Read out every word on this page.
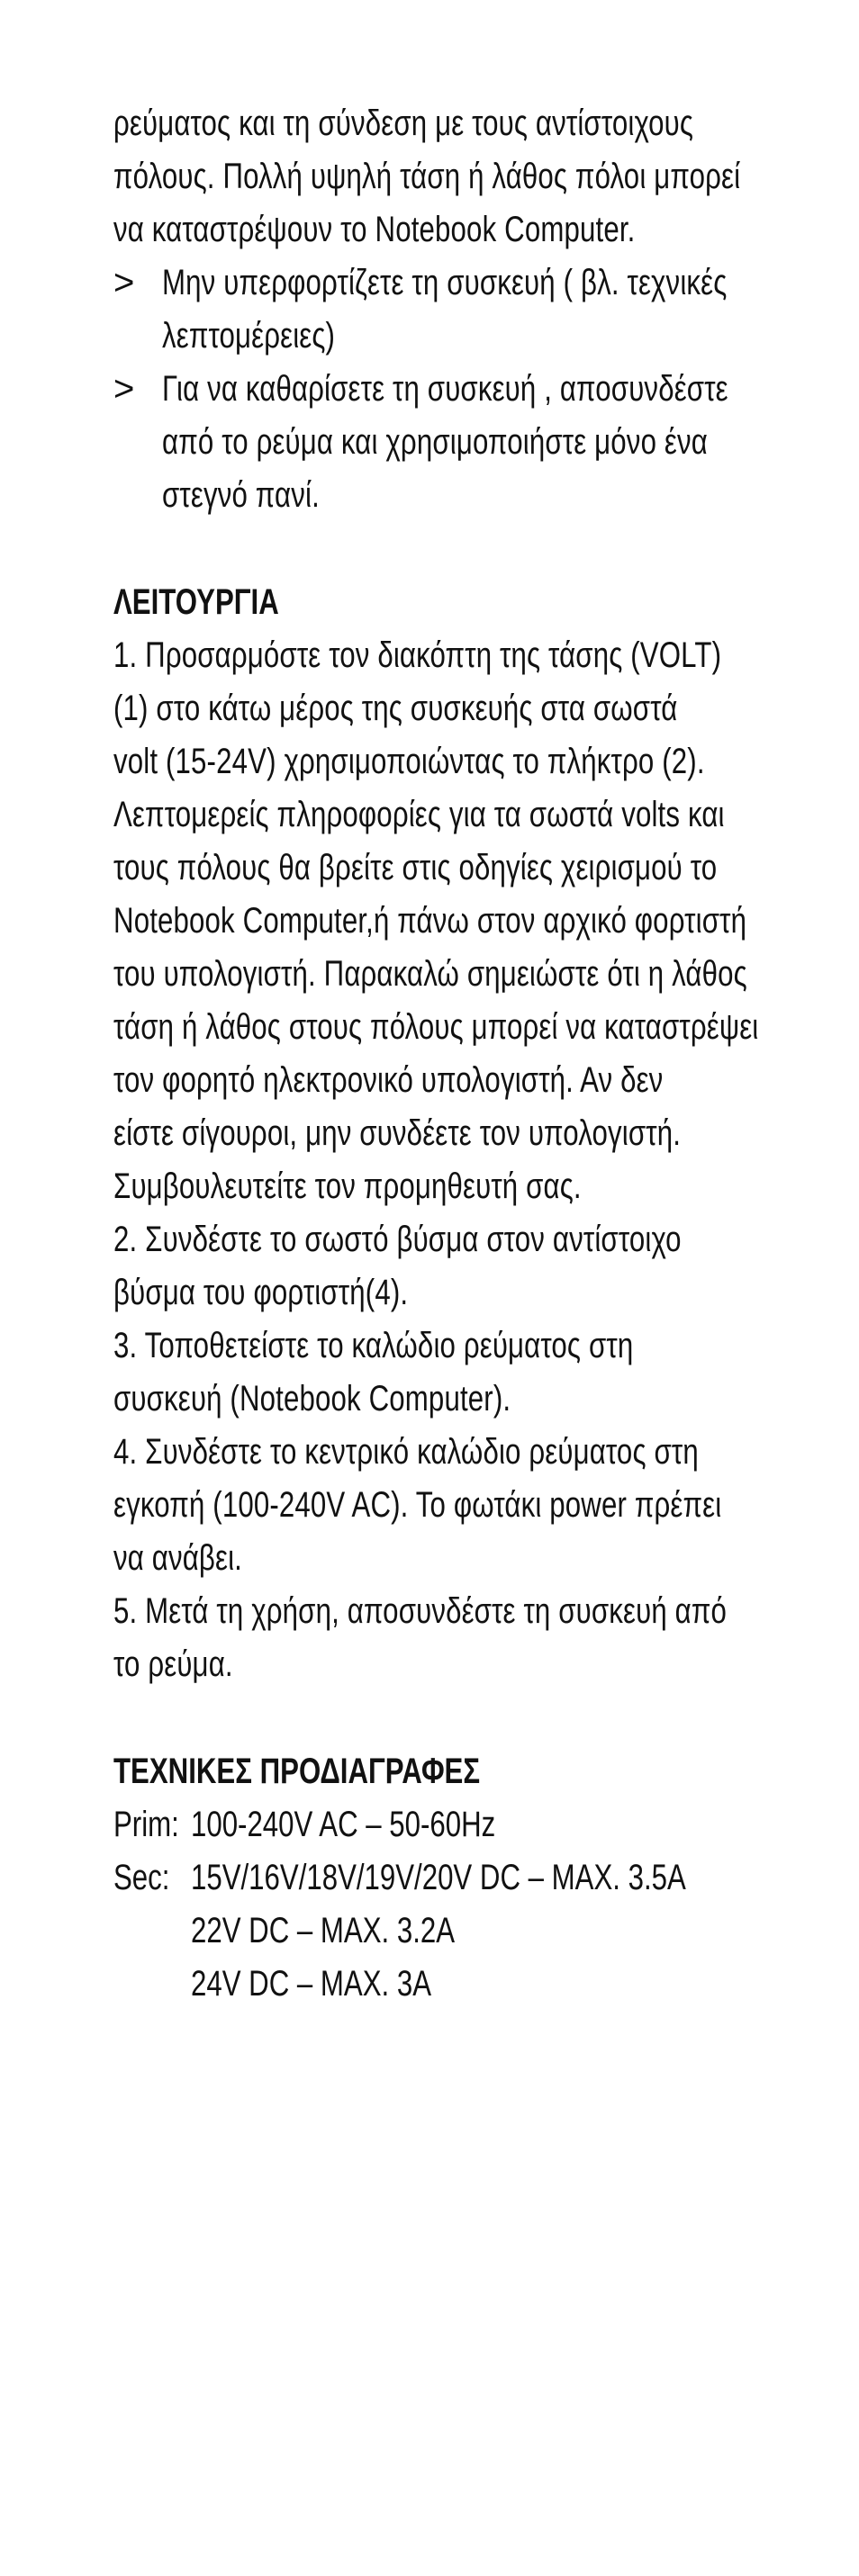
ρεύματος και τη σύνδεση με τους αντίστοιχους
πόλους. Πολλή υψηλή τάση ή λάθος πόλοι μπορεί
να καταστρέψουν το Notebook Computer.
> Μην υπερφορτίζετε τη συσκευή ( βλ. τεχνικές
λεπτομέρειες)
> Για να καθαρίσετε τη συσκευή , αποσυνδέστε
από το ρεύμα και χρησιμοποιήστε μόνο ένα
στεγνό πανί.
ΛΕΙΤΟΥΡΓΙΑ
1. Προσαρμόστε τον διακόπτη της τάσης (VOLT)
(1) στο κάτω μέρος της συσκευής στα σωστά
volt (15-24V) χρησιμοποιώντας το πλήκτρο (2).
Λεπτομερείς πληροφορίες για τα σωστά volts και
τους πόλους θα βρείτε στις οδηγίες χειρισμού το
Notebook Computer,ή πάνω στον αρχικό φορτιστή
του υπολογιστή. Παρακαλώ σημειώστε ότι η λάθος
τάση ή λάθος στους πόλους μπορεί να καταστρέψει
τον φορητό ηλεκτρονικό υπολογιστή. Αν δεν
είστε σίγουροι, μην συνδέετε τον υπολογιστή.
Συμβουλευτείτε τον προμηθευτή σας.
2. Συνδέστε το σωστό βύσμα στον αντίστοιχο
βύσμα του φορτιστή(4).
3. Τοποθετείστε το καλώδιο ρεύματος στη
συσκευή (Notebook Computer).
4. Συνδέστε το κεντρικό καλώδιο ρεύματος στη
εγκοπή (100-240V AC). Το φωτάκι power πρέπει
να ανάβει.
5. Μετά τη χρήση, αποσυνδέστε τη συσκευή από
το ρεύμα.
ΤΕΧΝΙΚΕΣ ΠΡΟΔΙΑΓΡΑΦΕΣ
Prim: 100-240V AC – 50-60Hz
Sec: 15V/16V/18V/19V/20V DC – MAX. 3.5A
22V DC – MAX. 3.2A
24V DC – MAX. 3A
